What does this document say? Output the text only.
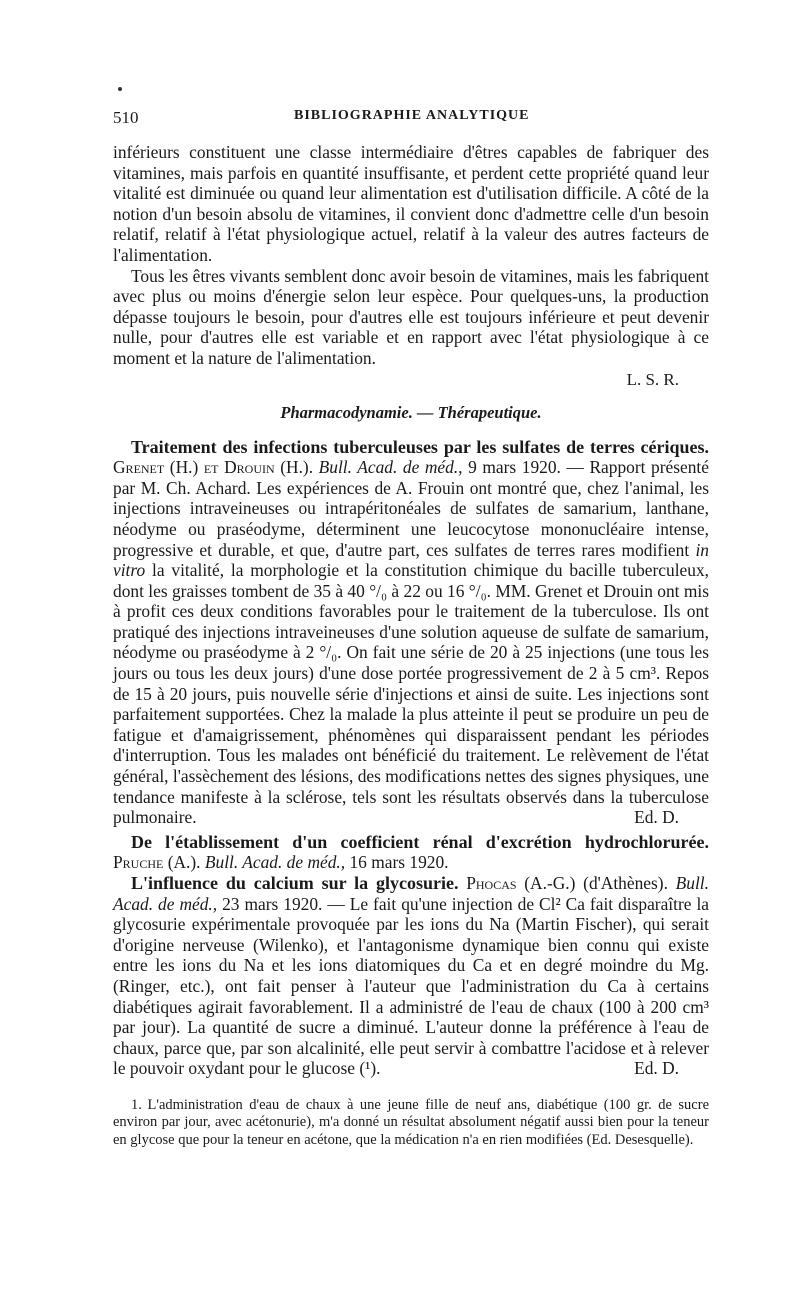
510	BIBLIOGRAPHIE ANALYTIQUE

inférieurs constituent une classe intermédiaire d'êtres capables de fabriquer des vitamines, mais parfois en quantité insuffisante, et perdent cette propriété quand leur vitalité est diminuée ou quand leur alimentation est d'utilisation difficile. A côté de la notion d'un besoin absolu de vitamines, il convient donc d'admettre celle d'un besoin relatif, relatif à l'état physiologique actuel, relatif à la valeur des autres facteurs de l'alimentation.

Tous les êtres vivants semblent donc avoir besoin de vitamines, mais les fabriquent avec plus ou moins d'énergie selon leur espèce. Pour quelques-uns, la production dépasse toujours le besoin, pour d'autres elle est toujours inférieure et peut devenir nulle, pour d'autres elle est variable et en rapport avec l'état physiologique à ce moment et la nature de l'alimentation.

L. S. R.
Pharmacodynamie. — Thérapeutique.

Traitement des infections tuberculeuses par les sulfates de terres cériques. Grenet (H.) et Drouin (H.). Bull. Acad. de méd., 9 mars 1920. — Rapport présenté par M. Ch. Achard. Les expériences de A. Frouin ont montré que, chez l'animal, les injections intraveineuses ou intrapéritonéales de sulfates de samarium, lanthane, néodyme ou praséodyme, déterminent une leucocytose mononucléaire intense, progressive et durable, et que, d'autre part, ces sulfates de terres rares modifient in vitro la vitalité, la morphologie et la constitution chimique du bacille tuberculeux, dont les graisses tombent de 35 à 40 °/₀ à 22 ou 16 °/₀. MM. Grenet et Drouin ont mis à profit ces deux conditions favorables pour le traitement de la tuberculose. Ils ont pratiqué des injections intraveineuses d'une solution aqueuse de sulfate de samarium, néodyme ou praséodyme à 2 °/₀. On fait une série de 20 à 25 injections (une tous les jours ou tous les deux jours) d'une dose portée progressivement de 2 à 5 cm³. Repos de 15 à 20 jours, puis nouvelle série d'injections et ainsi de suite. Les injections sont parfaitement supportées. Chez la malade la plus atteinte il peut se produire un peu de fatigue et d'amaigrissement, phénomènes qui disparaissent pendant les périodes d'interruption. Tous les malades ont bénéficié du traitement. Le relèvement de l'état général, l'assèchement des lésions, des modifications nettes des signes physiques, une tendance manifeste à la sclérose, tels sont les résultats observés dans la tuberculose pulmonaire.	Ed. D.

De l'établissement d'un coefficient rénal d'excrétion hydrochlorurée. Pruche (A.). Bull. Acad. de méd., 16 mars 1920.

L'influence du calcium sur la glycosurie. Phocas (A.-G.) (d'Athènes). Bull. Acad. de méd., 23 mars 1920. — Le fait qu'une injection de Cl² Ca fait disparaître la glycosurie expérimentale provoquée par les ions du Na (Martin Fischer), qui serait d'origine nerveuse (Wilenko), et l'antagonisme dynamique bien connu qui existe entre les ions du Na et les ions diatomiques du Ca et en degré moindre du Mg. (Ringer, etc.), ont fait penser à l'auteur que l'administration du Ca à certains diabétiques agirait favorablement. Il a administré de l'eau de chaux (100 à 200 cm³ par jour). La quantité de sucre a diminué. L'auteur donne la préférence à l'eau de chaux, parce que, par son alcalinité, elle peut servir à combattre l'acidose et à relever le pouvoir oxydant pour le glucose (¹).	Ed. D.

1. L'administration d'eau de chaux à une jeune fille de neuf ans, diabétique (100 gr. de sucre environ par jour, avec acétonurie), m'a donné un résultat absolument négatif aussi bien pour la teneur en glycose que pour la teneur en acétone, que la médication n'a en rien modifiées (Ed. Desesquelle).
